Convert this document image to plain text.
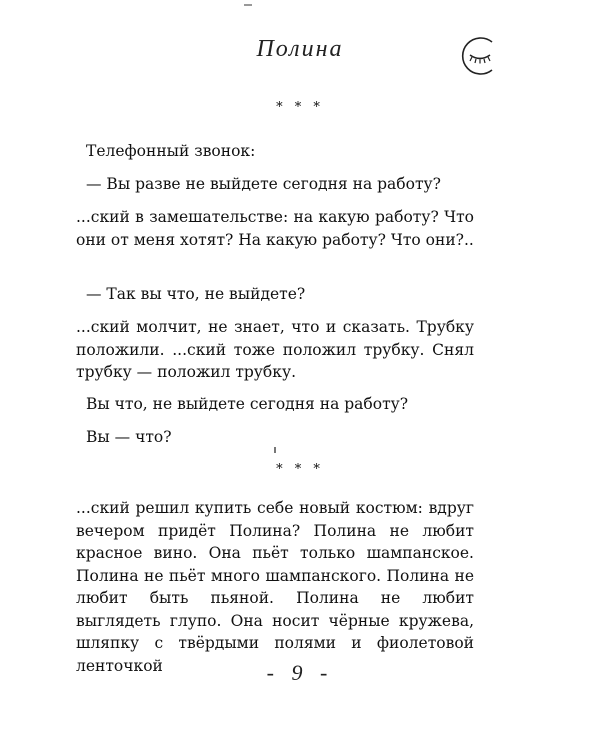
Полина
* * *
Телефонный звонок:
— Вы разве не выйдете сегодня на работу?
...ский в замешательстве: на какую работу? Что они от меня хотят? На какую работу? Что они?..
— Так вы что, не выйдете?
...ский молчит, не знает, что и сказать. Трубку положили. ...ский тоже положил трубку. Снял трубку — положил трубку.
Вы что, не выйдете сегодня на работу?
Вы — что?
* * *
...ский решил купить себе новый костюм: вдруг вечером придёт Полина? Полина не любит красное вино. Она пьёт только шампанское. Полина не пьёт много шампанского. Полина не любит быть пьяной. Полина не любит выглядеть глупо. Она носит чёрные кружева, шляпку с твёрдыми полями и фиолетовой ленточкой	- 9 -
